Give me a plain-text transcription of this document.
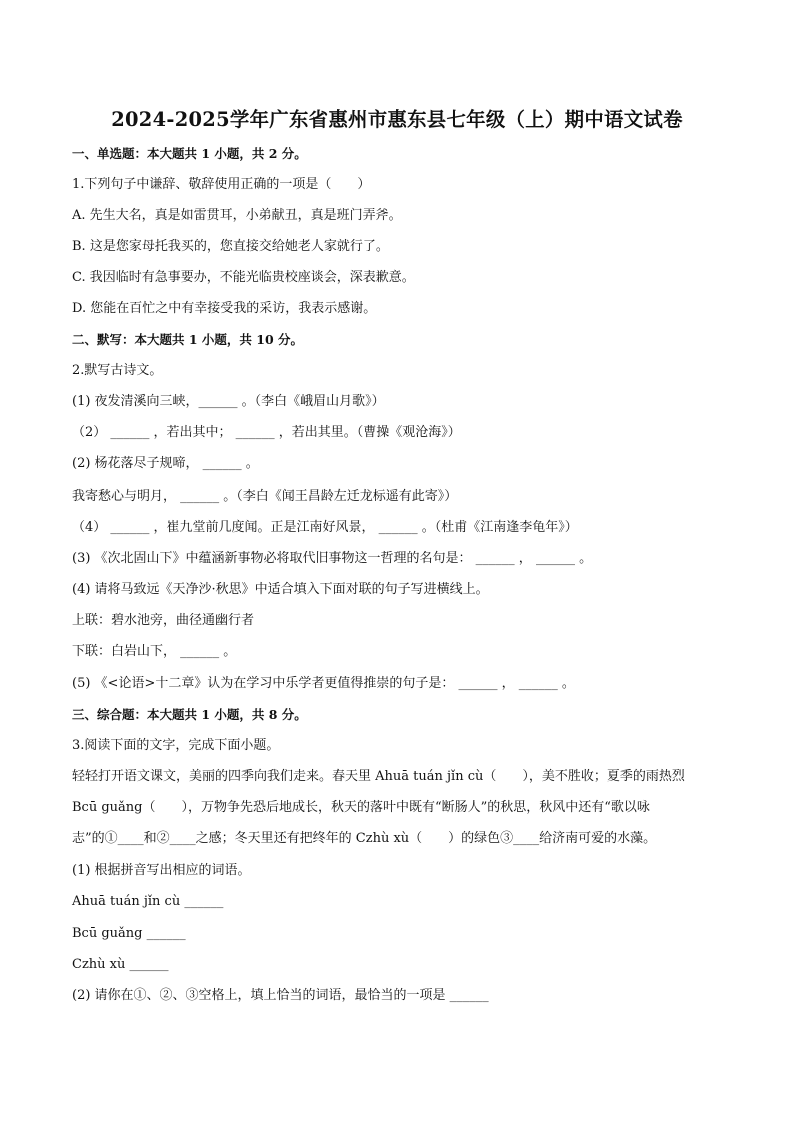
2024-2025学年广东省惠州市惠东县七年级（上）期中语文试卷
一、单选题：本大题共 1 小题，共 2 分。
1.下列句子中谦辞、敬辞使用正确的一项是（　　）
A. 先生大名，真是如雷贯耳，小弟献丑，真是班门弄斧。
B. 这是您家母托我买的，您直接交给她老人家就行了。
C. 我因临时有急事要办，不能光临贵校座谈会，深表歉意。
D. 您能在百忙之中有幸接受我的采访，我表示感谢。
二、默写：本大题共 1 小题，共 10 分。
2.默写古诗文。
(1) 夜发清溪向三峡，______ 。（李白《峨眉山月歌》）
（2） ______ ，若出其中； ______ ，若出其里。（曹操《观沧海》）
(2) 杨花落尽子规啼， ______ 。
我寄愁心与明月， ______ 。（李白《闻王昌龄左迁龙标遥有此寄》）
（4） ______ ，崔九堂前几度闻。正是江南好风景， ______ 。（杜甫《江南逢李龟年》）
(3) 《次北固山下》中蕴涵新事物必将取代旧事物这一哲理的名句是： ______ ， ______ 。
(4) 请将马致远《天净沙·秋思》中适合填入下面对联的句子写进横线上。
上联：碧水池旁，曲径通幽行者
下联：白岩山下， ______ 。
(5) 《<论语>十二章》认为在学习中乐学者更值得推崇的句子是： ______ ， ______ 。
三、综合题：本大题共 1 小题，共 8 分。
3.阅读下面的文字，完成下面小题。
轻轻打开语文课文，美丽的四季向我们走来。春天里 Ahuā tuán jǐn cù（　　），美不胜收；夏季的雨热烈
Bcū guǎng（　　），万物争先恐后地成长，秋天的落叶中既有“断肠人”的秋思，秋风中还有“歌以咏
志”的①____和②____之感；冬天里还有把终年的 Czhù xù（　　）的绿色③____给济南可爱的水藻。
(1) 根据拼音写出相应的词语。
Ahuā tuán jǐn cù ______
Bcū guǎng ______
Czhù xù ______
(2) 请你在①、②、③空格上，填上恰当的词语，最恰当的一项是 ______
